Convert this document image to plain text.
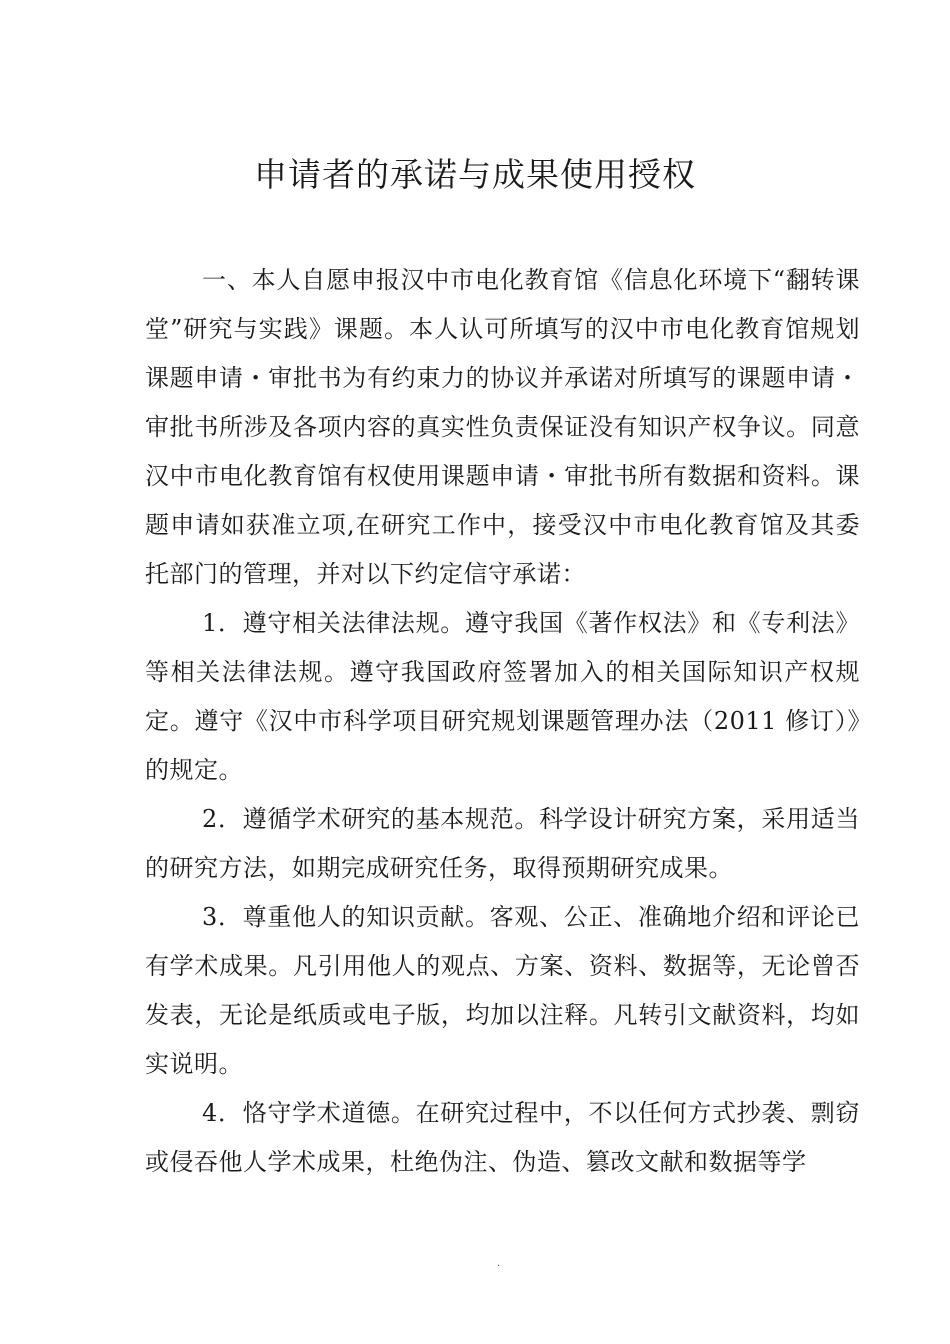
申请者的承诺与成果使用授权

一、本人自愿申报汉中市电化教育馆《信息化环境下“翻转课堂”研究与实践》课题。本人认可所填写的汉中市电化教育馆规划课题申请・审批书为有约束力的协议并承诺对所填写的课题申请・审批书所涉及各项内容的真实性负责保证没有知识产权争议。同意汉中市电化教育馆有权使用课题申请・审批书所有数据和资料。课题申请如获准立项,在研究工作中，接受汉中市电化教育馆及其委托部门的管理，并对以下约定信守承诺：

1．遵守相关法律法规。遵守我国《著作权法》和《专利法》等相关法律法规。遵守我国政府签署加入的相关国际知识产权规定。遵守《汉中市科学项目研究规划课题管理办法（2011 修订）》的规定。

2．遵循学术研究的基本规范。科学设计研究方案，采用适当的研究方法，如期完成研究任务，取得预期研究成果。

3．尊重他人的知识贡献。客观、公正、准确地介绍和评论已有学术成果。凡引用他人的观点、方案、资料、数据等，无论曾否发表，无论是纸质或电子版，均加以注释。凡转引文献资料，均如实说明。

4．恪守学术道德。在研究过程中，不以任何方式抄袭、剽窃或侵吞他人学术成果，杜绝伪注、伪造、篡改文献和数据等学

.
